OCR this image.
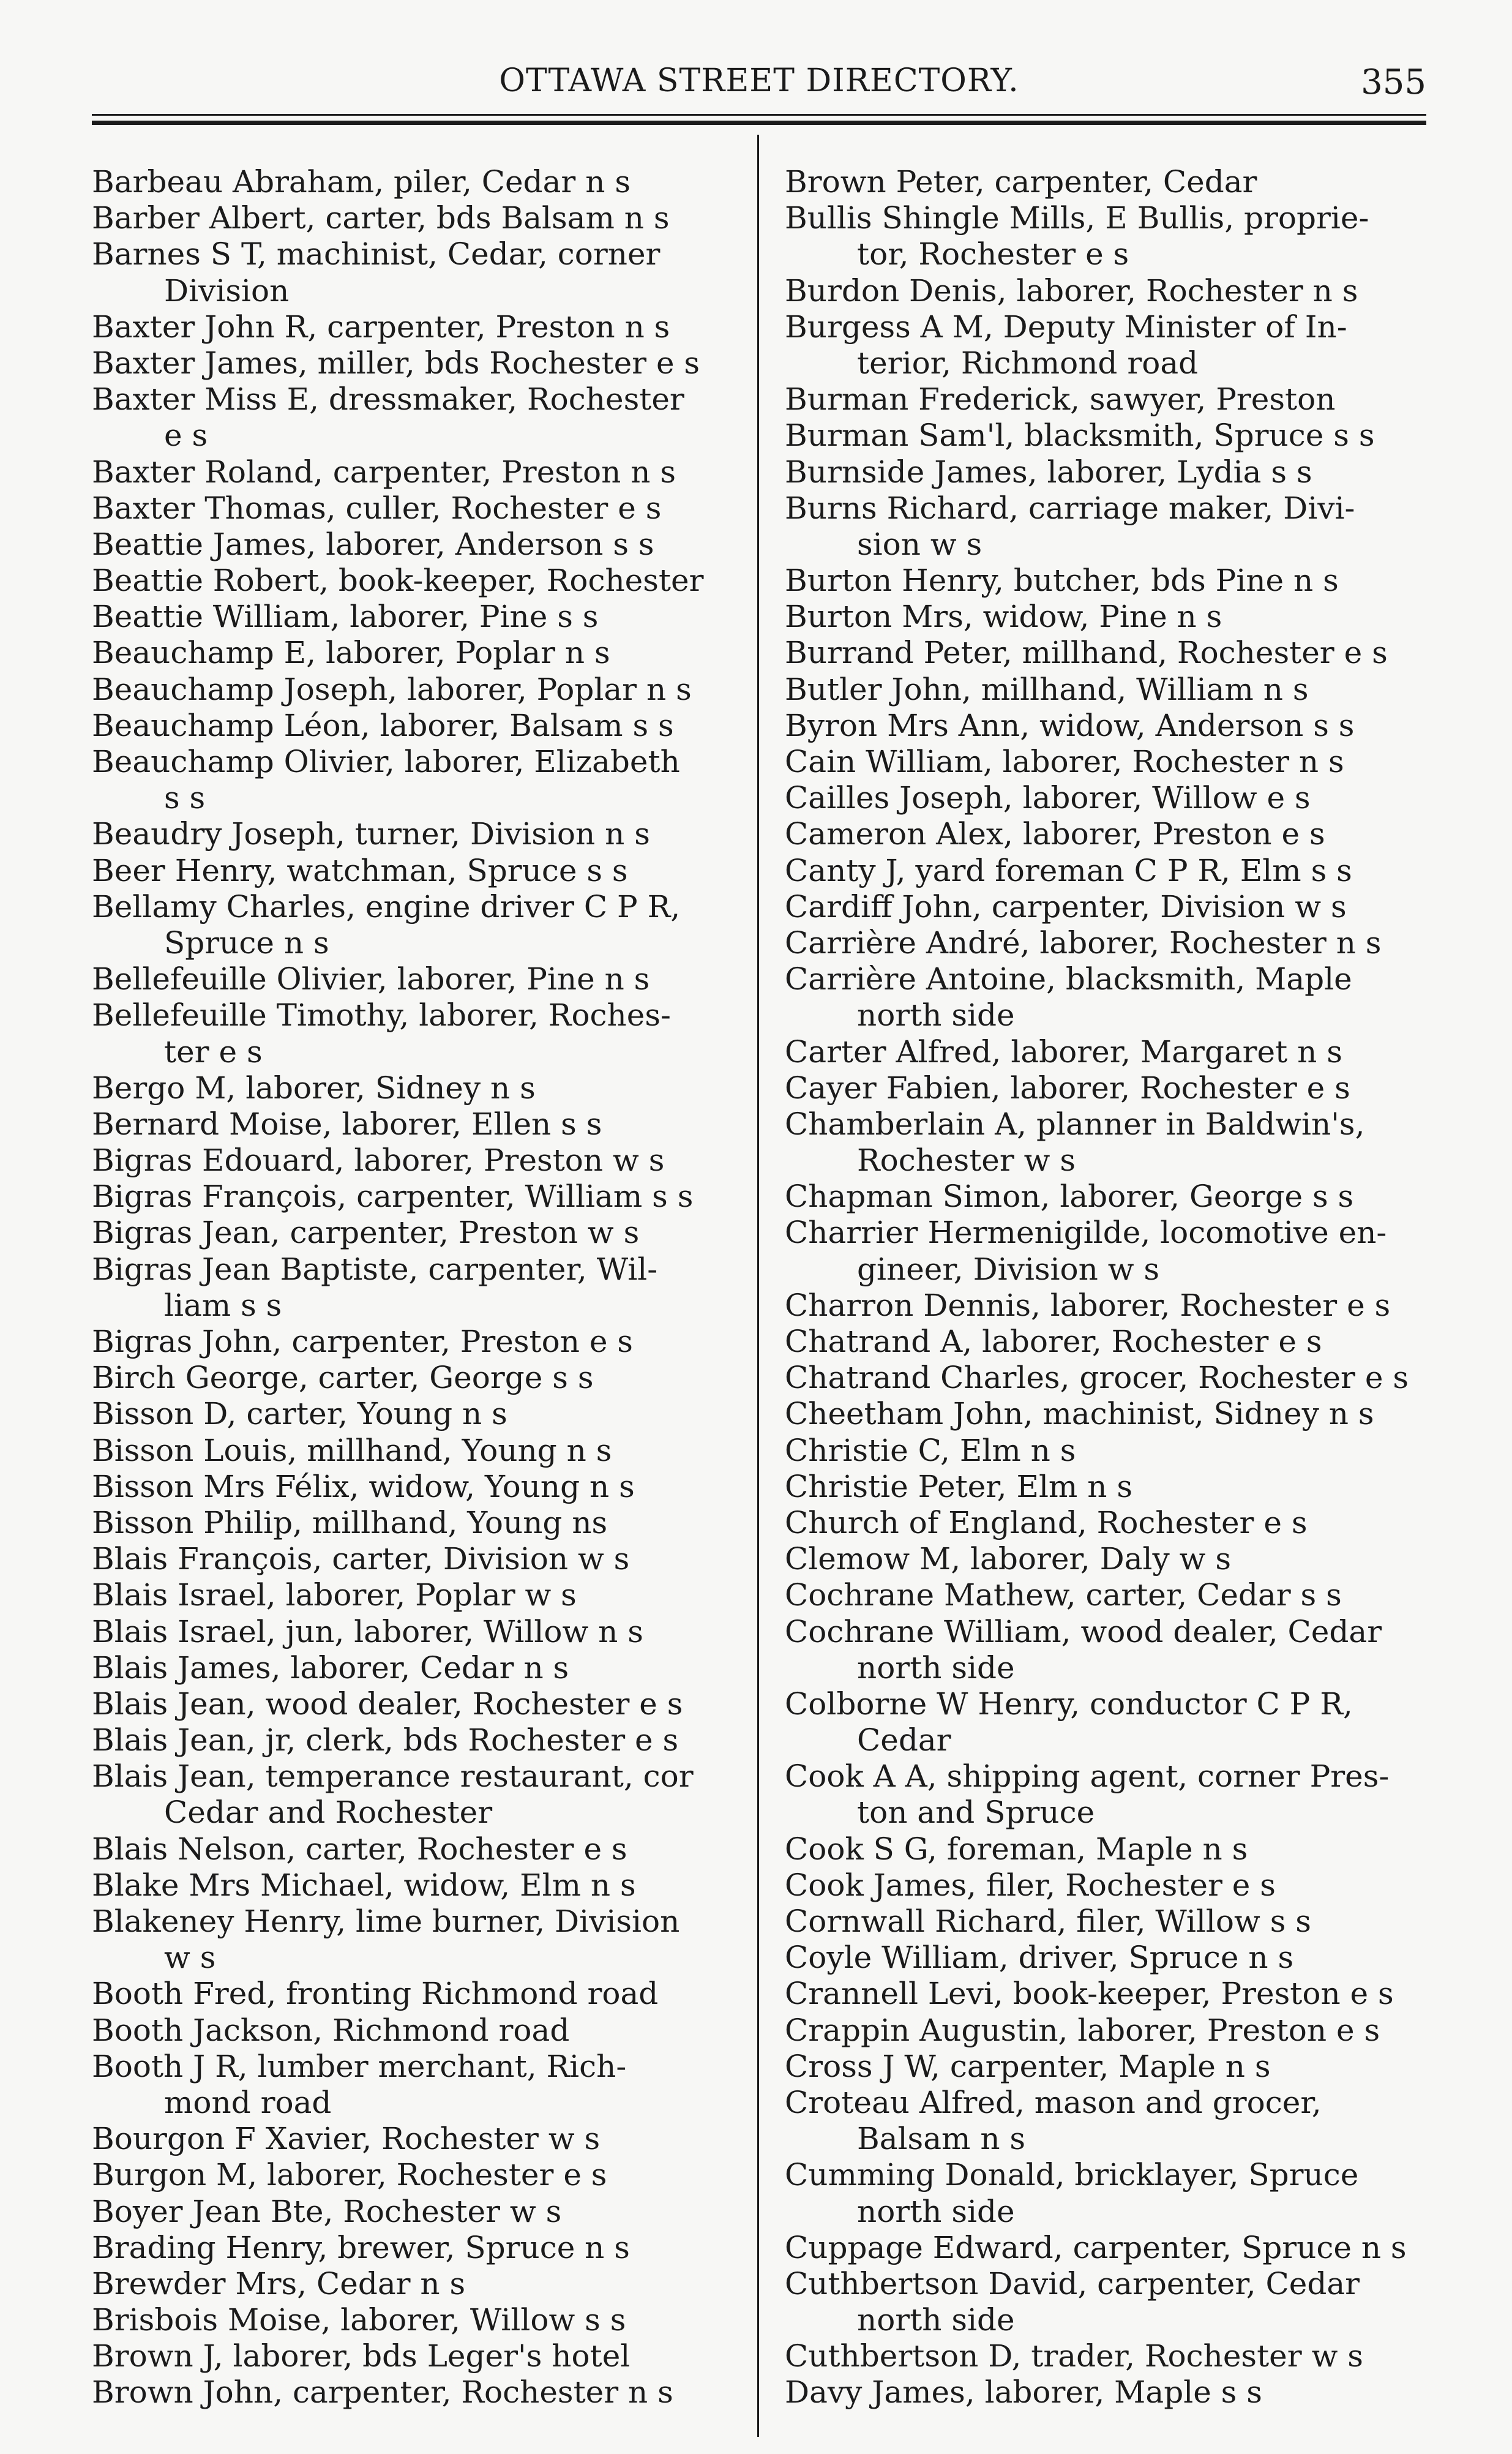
OTTAWA STREET DIRECTORY.	355
Barbeau Abraham, piler, Cedar n s
Barber Albert, carter, bds Balsam n s
Barnes S T, machinist, Cedar, corner
Division
Baxter John R, carpenter, Preston n s
Baxter James, miller, bds Rochester e s
Baxter Miss E, dressmaker, Rochester
e s
Baxter Roland, carpenter, Preston n s
Baxter Thomas, culler, Rochester e s
Beattie James, laborer, Anderson s s
Beattie Robert, book-keeper, Rochester
Beattie William, laborer, Pine s s
Beauchamp E, laborer, Poplar n s
Beauchamp Joseph, laborer, Poplar n s
Beauchamp Léon, laborer, Balsam s s
Beauchamp Olivier, laborer, Elizabeth
s s
Beaudry Joseph, turner, Division n s
Beer Henry, watchman, Spruce s s
Bellamy Charles, engine driver C P R,
Spruce n s
Bellefeuille Olivier, laborer, Pine n s
Bellefeuille Timothy, laborer, Roches-
ter e s
Bergo M, laborer, Sidney n s
Bernard Moise, laborer, Ellen s s
Bigras Edouard, laborer, Preston w s
Bigras François, carpenter, William s s
Bigras Jean, carpenter, Preston w s
Bigras Jean Baptiste, carpenter, Wil-
liam s s
Bigras John, carpenter, Preston e s
Birch George, carter, George s s
Bisson D, carter, Young n s
Bisson Louis, millhand, Young n s
Bisson Mrs Félix, widow, Young n s
Bisson Philip, millhand, Young ns
Blais François, carter, Division w s
Blais Israel, laborer, Poplar w s
Blais Israel, jun, laborer, Willow n s
Blais James, laborer, Cedar n s
Blais Jean, wood dealer, Rochester e s
Blais Jean, jr, clerk, bds Rochester e s
Blais Jean, temperance restaurant, cor
Cedar and Rochester
Blais Nelson, carter, Rochester e s
Blake Mrs Michael, widow, Elm n s
Blakeney Henry, lime burner, Division
w s
Booth Fred, fronting Richmond road
Booth Jackson, Richmond road
Booth J R, lumber merchant, Rich-
mond road
Bourgon F Xavier, Rochester w s
Burgon M, laborer, Rochester e s
Boyer Jean Bte, Rochester w s
Brading Henry, brewer, Spruce n s
Brewder Mrs, Cedar n s
Brisbois Moise, laborer, Willow s s
Brown J, laborer, bds Leger's hotel
Brown John, carpenter, Rochester n s
Brown Peter, carpenter, Cedar
Bullis Shingle Mills, E Bullis, proprie-
tor, Rochester e s
Burdon Denis, laborer, Rochester n s
Burgess A M, Deputy Minister of In-
terior, Richmond road
Burman Frederick, sawyer, Preston
Burman Sam'l, blacksmith, Spruce s s
Burnside James, laborer, Lydia s s
Burns Richard, carriage maker, Divi-
sion w s
Burton Henry, butcher, bds Pine n s
Burton Mrs, widow, Pine n s
Burrand Peter, millhand, Rochester e s
Butler John, millhand, William n s
Byron Mrs Ann, widow, Anderson s s
Cain William, laborer, Rochester n s
Cailles Joseph, laborer, Willow e s
Cameron Alex, laborer, Preston e s
Canty J, yard foreman C P R, Elm s s
Cardiff John, carpenter, Division w s
Carrière André, laborer, Rochester n s
Carrière Antoine, blacksmith, Maple
north side
Carter Alfred, laborer, Margaret n s
Cayer Fabien, laborer, Rochester e s
Chamberlain A, planner in Baldwin's,
Rochester w s
Chapman Simon, laborer, George s s
Charrier Hermenigilde, locomotive en-
gineer, Division w s
Charron Dennis, laborer, Rochester e s
Chatrand A, laborer, Rochester e s
Chatrand Charles, grocer, Rochester e s
Cheetham John, machinist, Sidney n s
Christie C, Elm n s
Christie Peter, Elm n s
Church of England, Rochester e s
Clemow M, laborer, Daly w s
Cochrane Mathew, carter, Cedar s s
Cochrane William, wood dealer, Cedar
north side
Colborne W Henry, conductor C P R,
Cedar
Cook A A, shipping agent, corner Pres-
ton and Spruce
Cook S G, foreman, Maple n s
Cook James, filer, Rochester e s
Cornwall Richard, filer, Willow s s
Coyle William, driver, Spruce n s
Crannell Levi, book-keeper, Preston e s
Crappin Augustin, laborer, Preston e s
Cross J W, carpenter, Maple n s
Croteau Alfred, mason and grocer,
Balsam n s
Cumming Donald, bricklayer, Spruce
north side
Cuppage Edward, carpenter, Spruce n s
Cuthbertson David, carpenter, Cedar
north side
Cuthbertson D, trader, Rochester w s
Davy James, laborer, Maple s s
